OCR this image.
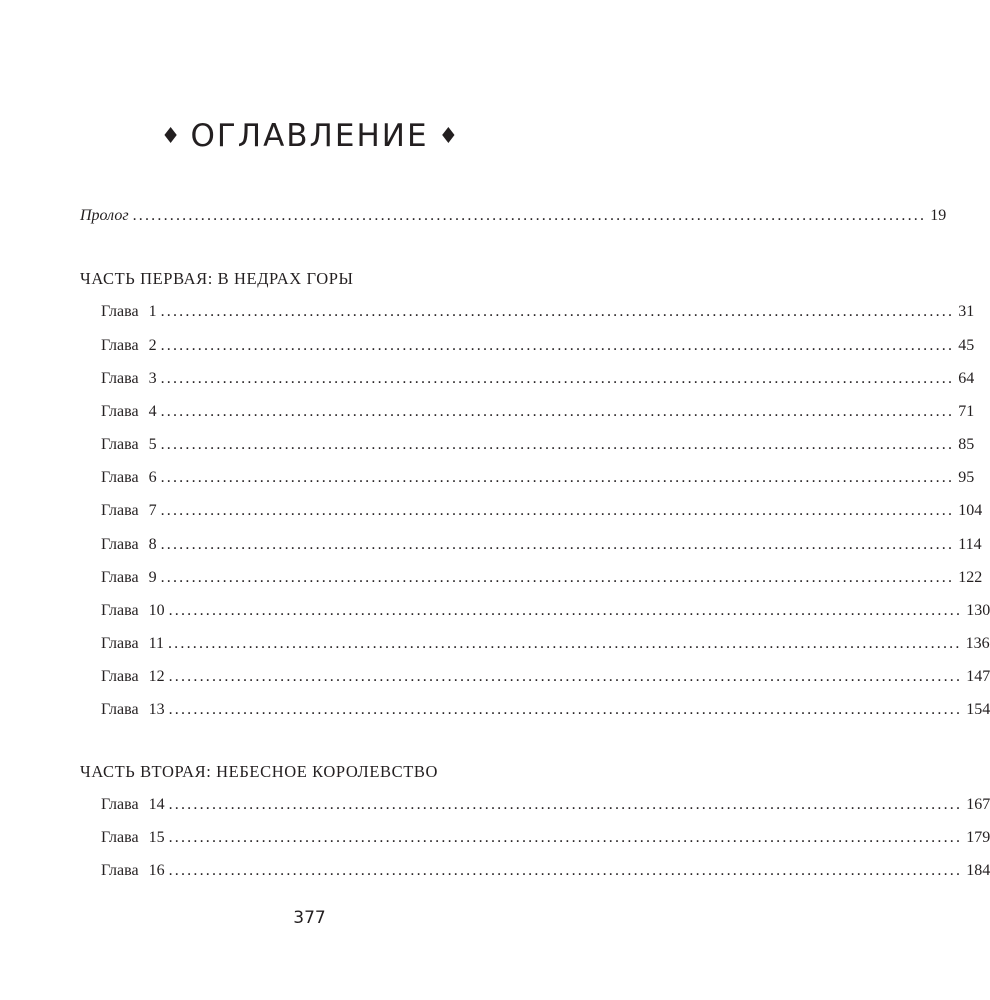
♦ ОГЛАВЛЕНИЕ ♦
Пролог ................................................................................................................................ 19
ЧАСТЬ ПЕРВАЯ: В НЕДРАХ ГОРЫ
Глава 1 ................................................................................................................................ 31
Глава 2 ................................................................................................................................ 45
Глава 3 ................................................................................................................................ 64
Глава 4 ................................................................................................................................ 71
Глава 5 ................................................................................................................................ 85
Глава 6 ................................................................................................................................ 95
Глава 7 ................................................................................................................................ 104
Глава 8 ................................................................................................................................ 114
Глава 9 ................................................................................................................................ 122
Глава 10 ................................................................................................................................ 130
Глава 11 ................................................................................................................................ 136
Глава 12 ................................................................................................................................ 147
Глава 13 ................................................................................................................................ 154
ЧАСТЬ ВТОРАЯ: НЕБЕСНОЕ КОРОЛЕВСТВО
Глава 14 ................................................................................................................................ 167
Глава 15 ................................................................................................................................ 179
Глава 16 ................................................................................................................................ 184
377
